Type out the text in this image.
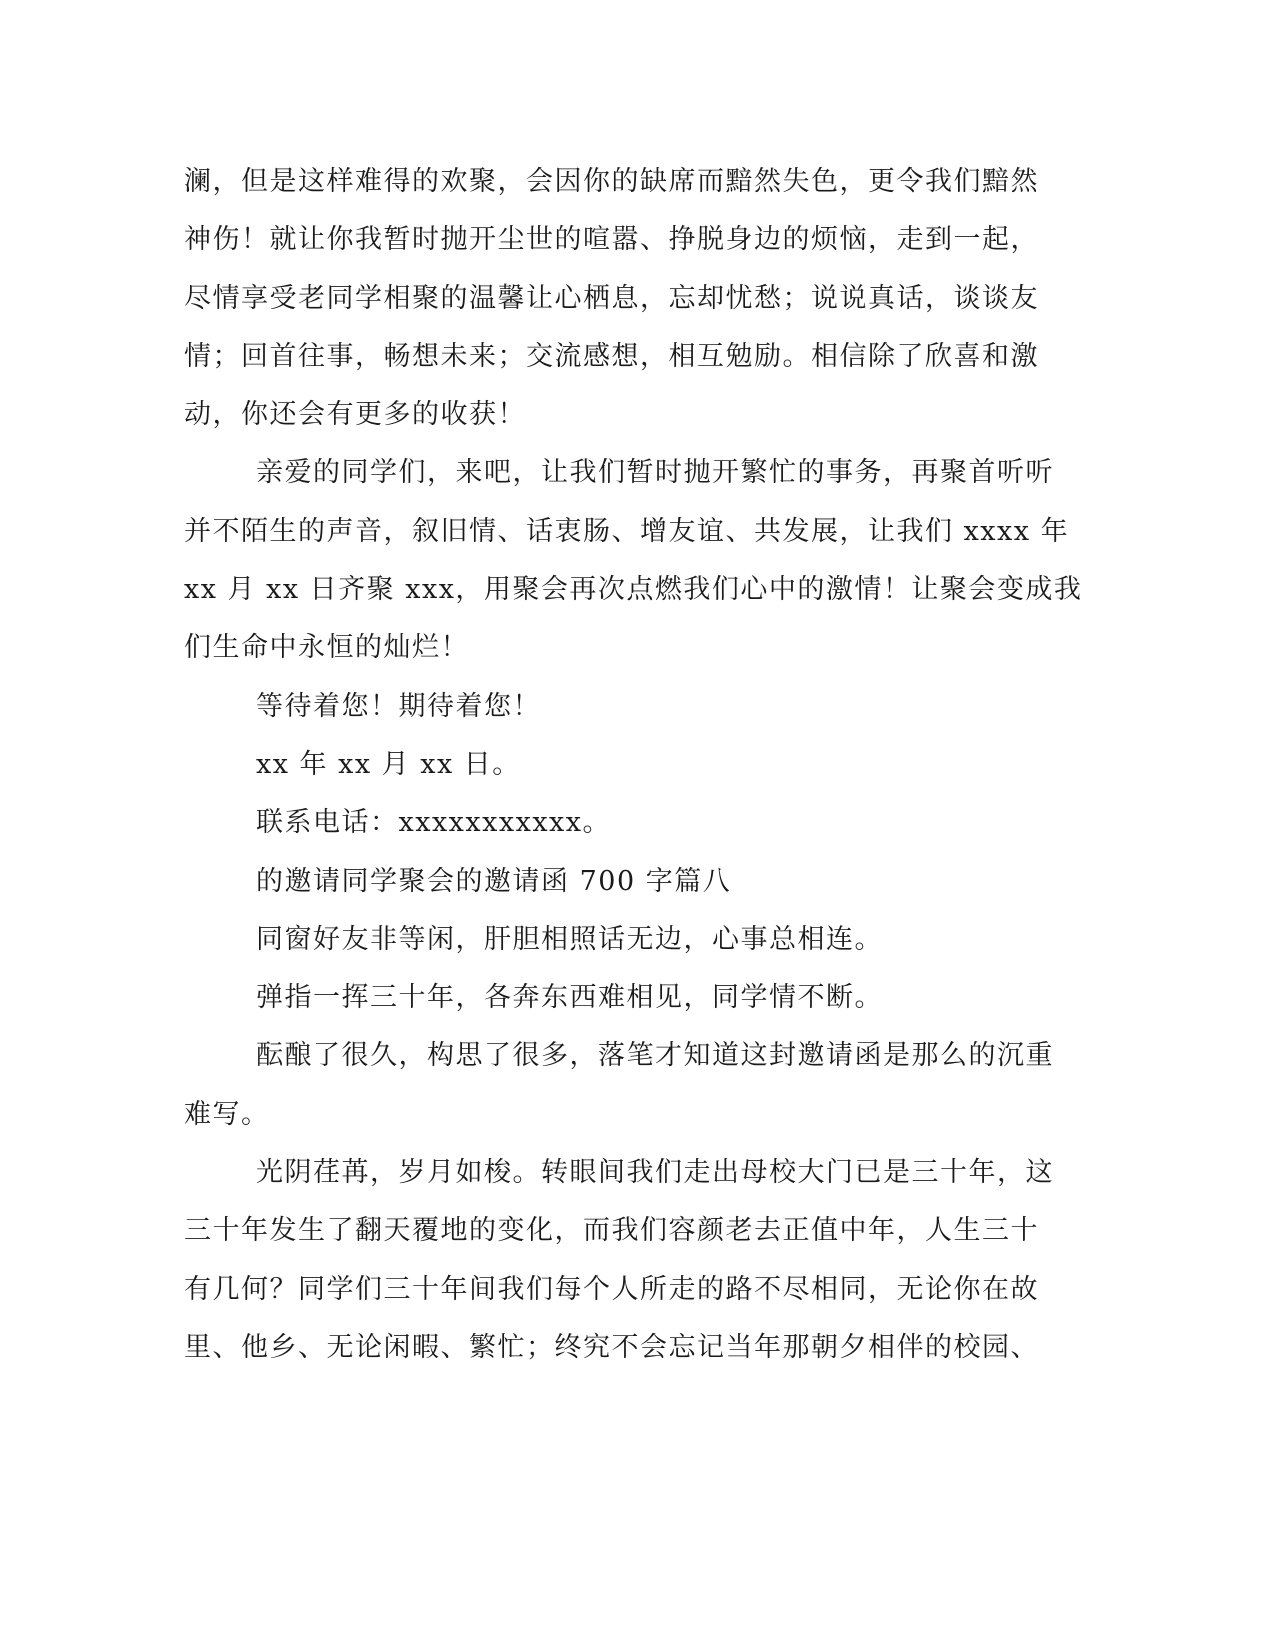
澜，但是这样难得的欢聚，会因你的缺席而黯然失色，更令我们黯然
神伤！就让你我暂时抛开尘世的喧嚣、挣脱身边的烦恼，走到一起，
尽情享受老同学相聚的温馨让心栖息，忘却忧愁；说说真话，谈谈友
情；回首往事，畅想未来；交流感想，相互勉励。相信除了欣喜和激
动，你还会有更多的收获！
亲爱的同学们，来吧，让我们暂时抛开繁忙的事务，再聚首听听
并不陌生的声音，叙旧情、话衷肠、增友谊、共发展，让我们 xxxx 年
xx 月 xx 日齐聚 xxx，用聚会再次点燃我们心中的激情！让聚会变成我
们生命中永恒的灿烂！
等待着您！期待着您！
xx 年 xx 月 xx 日。
联系电话：xxxxxxxxxxx。
的邀请同学聚会的邀请函 700 字篇八
同窗好友非等闲，肝胆相照话无边，心事总相连。
弹指一挥三十年，各奔东西难相见，同学情不断。
酝酿了很久，构思了很多，落笔才知道这封邀请函是那么的沉重
难写。
光阴荏苒，岁月如梭。转眼间我们走出母校大门已是三十年，这
三十年发生了翻天覆地的变化，而我们容颜老去正值中年，人生三十
有几何？同学们三十年间我们每个人所走的路不尽相同，无论你在故
里、他乡、无论闲暇、繁忙；终究不会忘记当年那朝夕相伴的校园、
